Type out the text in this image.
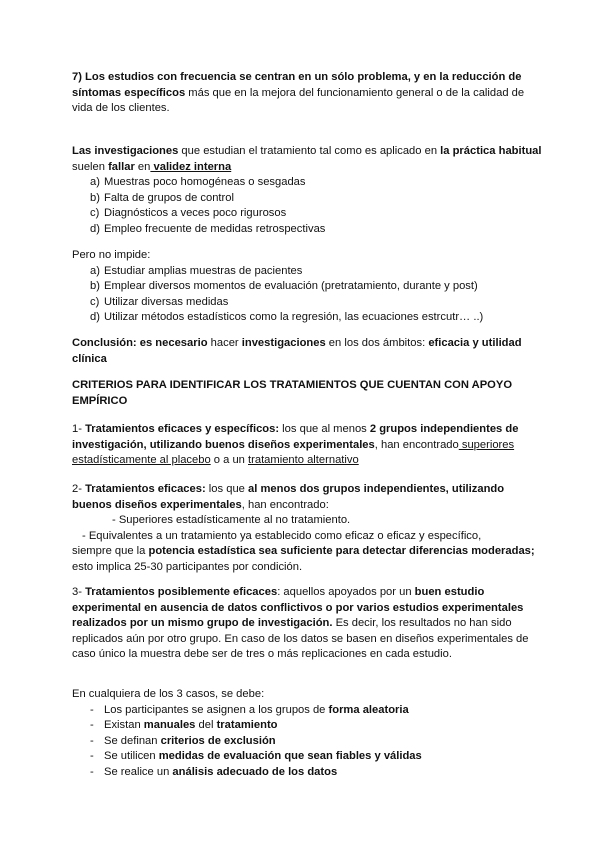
7) Los estudios con frecuencia se centran en un sólo problema, y en la reducción de síntomas específicos más que en la mejora del funcionamiento general o de la calidad de vida de los clientes.

Las investigaciones que estudian el tratamiento tal como es aplicado en la práctica habitual suelen fallar en validez interna

a) Muestras poco homogéneas o sesgadas
b) Falta de grupos de control
c) Diagnósticos a veces poco rigurosos
d) Empleo frecuente de medidas retrospectivas

Pero no impide:

a) Estudiar amplias muestras de pacientes
b) Emplear diversos momentos de evaluación (pretratamiento, durante y post)
c) Utilizar diversas medidas
d) Utilizar métodos estadísticos como la regresión, las ecuaciones estrcutr… ..)

Conclusión: es necesario hacer investigaciones en los dos ámbitos: eficacia y utilidad clínica

CRITERIOS PARA IDENTIFICAR LOS TRATAMIENTOS QUE CUENTAN CON APOYO EMPÍRICO

1- Tratamientos eficaces y específicos: los que al menos 2 grupos independientes de investigación, utilizando buenos diseños experimentales, han encontrado superiores estadísticamente al placebo o a un tratamiento alternativo

2- Tratamientos eficaces: los que al menos dos grupos independientes, utilizando buenos diseños experimentales, han encontrado:

- Superiores estadísticamente al no tratamiento.

- Equivalentes a un tratamiento ya establecido como eficaz o eficaz y específico,

siempre que la potencia estadística sea suficiente para detectar diferencias moderadas; esto implica 25-30 participantes por condición.

3- Tratamientos posiblemente eficaces: aquellos apoyados por un buen estudio experimental en ausencia de datos conflictivos o por varios estudios experimentales realizados por un mismo grupo de investigación. Es decir, los resultados no han sido replicados aún por otro grupo. En caso de los datos se basen en diseños experimentales de caso único la muestra debe ser de tres o más replicaciones en cada estudio.

En cualquiera de los 3 casos, se debe:

- Los participantes se asignen a los grupos de forma aleatoria
- Existan manuales del tratamiento
- Se definan criterios de exclusión
- Se utilicen medidas de evaluación que sean fiables y válidas
- Se realice un análisis adecuado de los datos
